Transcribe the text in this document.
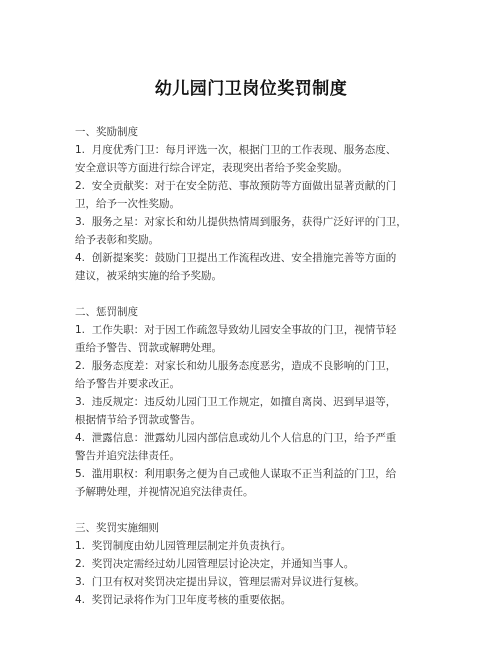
幼儿园门卫岗位奖罚制度
一、奖励制度
1. 月度优秀门卫：每月评选一次，根据门卫的工作表现、服务态度、
安全意识等方面进行综合评定，表现突出者给予奖金奖励。
2. 安全贡献奖：对于在安全防范、事故预防等方面做出显著贡献的门
卫，给予一次性奖励。
3. 服务之星：对家长和幼儿提供热情周到服务，获得广泛好评的门卫，
给予表彰和奖励。
4. 创新提案奖：鼓励门卫提出工作流程改进、安全措施完善等方面的
建议，被采纳实施的给予奖励。
二、惩罚制度
1. 工作失职：对于因工作疏忽导致幼儿园安全事故的门卫，视情节轻
重给予警告、罚款或解聘处理。
2. 服务态度差：对家长和幼儿服务态度恶劣，造成不良影响的门卫，
给予警告并要求改正。
3. 违反规定：违反幼儿园门卫工作规定，如擅自离岗、迟到早退等，
根据情节给予罚款或警告。
4. 泄露信息：泄露幼儿园内部信息或幼儿个人信息的门卫，给予严重
警告并追究法律责任。
5. 滥用职权：利用职务之便为自己或他人谋取不正当利益的门卫，给
予解聘处理，并视情况追究法律责任。
三、奖罚实施细则
1. 奖罚制度由幼儿园管理层制定并负责执行。
2. 奖罚决定需经过幼儿园管理层讨论决定，并通知当事人。
3. 门卫有权对奖罚决定提出异议，管理层需对异议进行复核。
4. 奖罚记录将作为门卫年度考核的重要依据。
